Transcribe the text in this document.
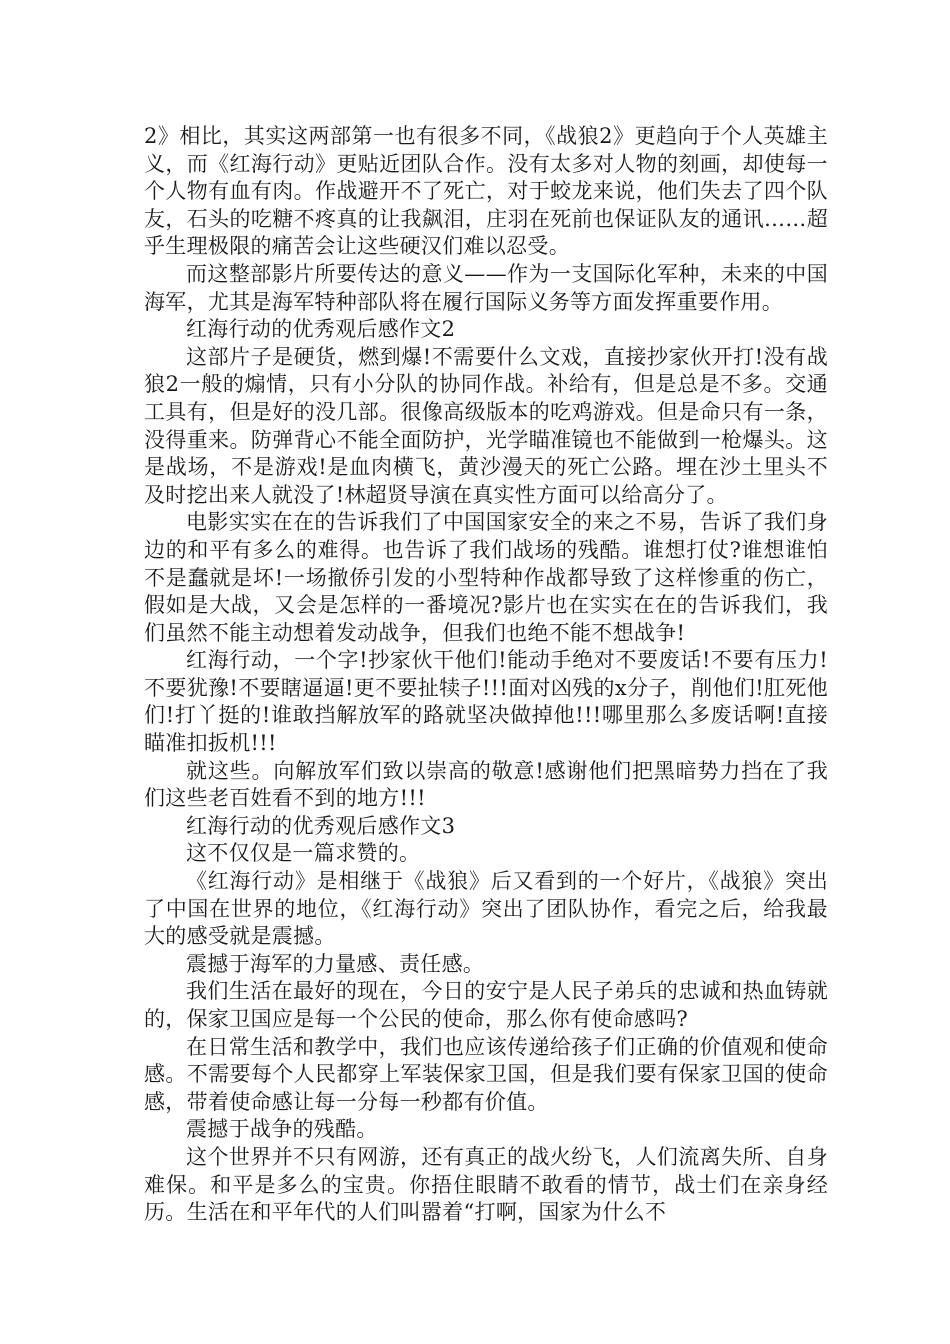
2》相比，其实这两部第一也有很多不同，《战狼2》更趋向于个人英雄主义，而《红海行动》更贴近团队合作。没有太多对人物的刻画，却使每一个人物有血有肉。作战避开不了死亡，对于蛟龙来说，他们失去了四个队友，石头的吃糖不疼真的让我飙泪，庄羽在死前也保证队友的通讯……超乎生理极限的痛苦会让这些硬汉们难以忍受。

而这整部影片所要传达的意义——作为一支国际化军种，未来的中国海军，尤其是海军特种部队将在履行国际义务等方面发挥重要作用。

红海行动的优秀观后感作文2

这部片子是硬货，燃到爆!不需要什么文戏，直接抄家伙开打!没有战狼2一般的煽情，只有小分队的协同作战。补给有，但是总是不多。交通工具有，但是好的没几部。很像高级版本的吃鸡游戏。但是命只有一条，没得重来。防弹背心不能全面防护，光学瞄准镜也不能做到一枪爆头。这是战场，不是游戏!是血肉横飞，黄沙漫天的死亡公路。埋在沙土里头不及时挖出来人就没了!林超贤导演在真实性方面可以给高分了。

电影实实在在的告诉我们了中国国家安全的来之不易，告诉了我们身边的和平有多么的难得。也告诉了我们战场的残酷。谁想打仗?谁想谁怕不是蠢就是坏!一场撤侨引发的小型特种作战都导致了这样惨重的伤亡，假如是大战，又会是怎样的一番境况?影片也在实实在在的告诉我们，我们虽然不能主动想着发动战争，但我们也绝不能不想战争!

红海行动，一个字!抄家伙干他们!能动手绝对不要废话!不要有压力!不要犹豫!不要瞎逼逼!更不要扯犊子!!!面对凶残的x分子，削他们!肛死他们!打丫挺的!谁敢挡解放军的路就坚决做掉他!!!哪里那么多废话啊!直接瞄准扣扳机!!!

就这些。向解放军们致以崇高的敬意!感谢他们把黑暗势力挡在了我们这些老百姓看不到的地方!!!

红海行动的优秀观后感作文3

这不仅仅是一篇求赞的。

《红海行动》是相继于《战狼》后又看到的一个好片，《战狼》突出了中国在世界的地位，《红海行动》突出了团队协作，看完之后，给我最大的感受就是震撼。

震撼于海军的力量感、责任感。

我们生活在最好的现在，今日的安宁是人民子弟兵的忠诚和热血铸就的，保家卫国应是每一个公民的使命，那么你有使命感吗?

在日常生活和教学中，我们也应该传递给孩子们正确的价值观和使命感。不需要每个人民都穿上军装保家卫国，但是我们要有保家卫国的使命感，带着使命感让每一分每一秒都有价值。

震撼于战争的残酷。

这个世界并不只有网游，还有真正的战火纷飞，人们流离失所、自身难保。和平是多么的宝贵。你捂住眼睛不敢看的情节，战士们在亲身经历。生活在和平年代的人们叫嚣着“打啊，国家为什么不
